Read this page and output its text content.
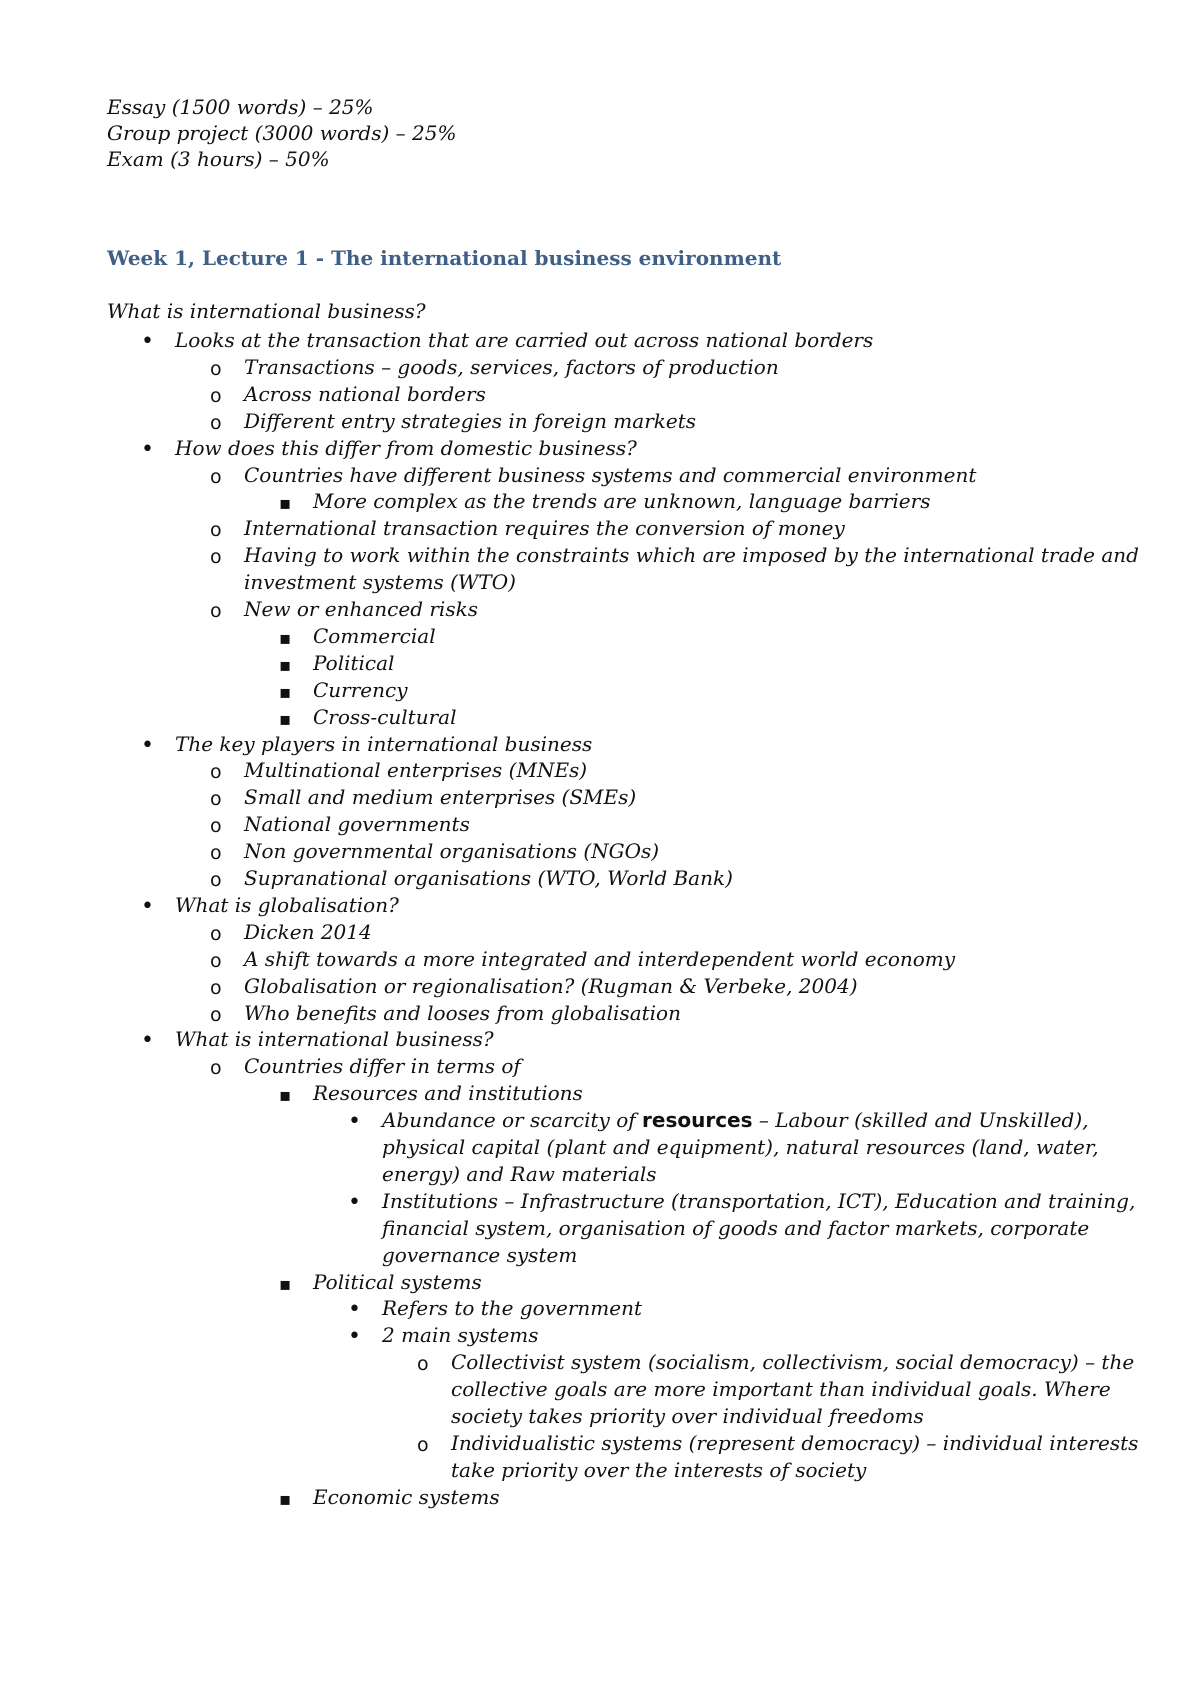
Essay (1500 words) – 25%
Group project (3000 words) – 25%
Exam (3 hours) – 50%
Week 1, Lecture 1 - The international business environment
What is international business?
•
Looks at the transaction that are carried out across national borders
o
Transactions – goods, services, factors of production
o
Across national borders
o
Different entry strategies in foreign markets
•
How does this differ from domestic business?
o
Countries have different business systems and commercial environment
▪
More complex as the trends are unknown, language barriers
o
International transaction requires the conversion of money
o
Having to work within the constraints which are imposed by the international trade and
investment systems (WTO)
o
New or enhanced risks
▪
Commercial
▪
Political
▪
Currency
▪
Cross-cultural
•
The key players in international business
o
Multinational enterprises (MNEs)
o
Small and medium enterprises (SMEs)
o
National governments
o
Non governmental organisations (NGOs)
o
Supranational organisations (WTO, World Bank)
•
What is globalisation?
o
Dicken 2014
o
A shift towards a more integrated and interdependent world economy
o
Globalisation or regionalisation? (Rugman & Verbeke, 2004)
o
Who benefits and looses from globalisation
•
What is international business?
o
Countries differ in terms of
▪
Resources and institutions
•
Abundance or scarcity of resources – Labour (skilled and Unskilled),
physical capital (plant and equipment), natural resources (land, water,
energy) and Raw materials
•
Institutions – Infrastructure (transportation, ICT), Education and training,
financial system, organisation of goods and factor markets, corporate
governance system
▪
Political systems
•
Refers to the government
•
2 main systems
o
Collectivist system (socialism, collectivism, social democracy) – the
collective goals are more important than individual goals. Where
society takes priority over individual freedoms
o
Individualistic systems (represent democracy) – individual interests
take priority over the interests of society
▪
Economic systems
